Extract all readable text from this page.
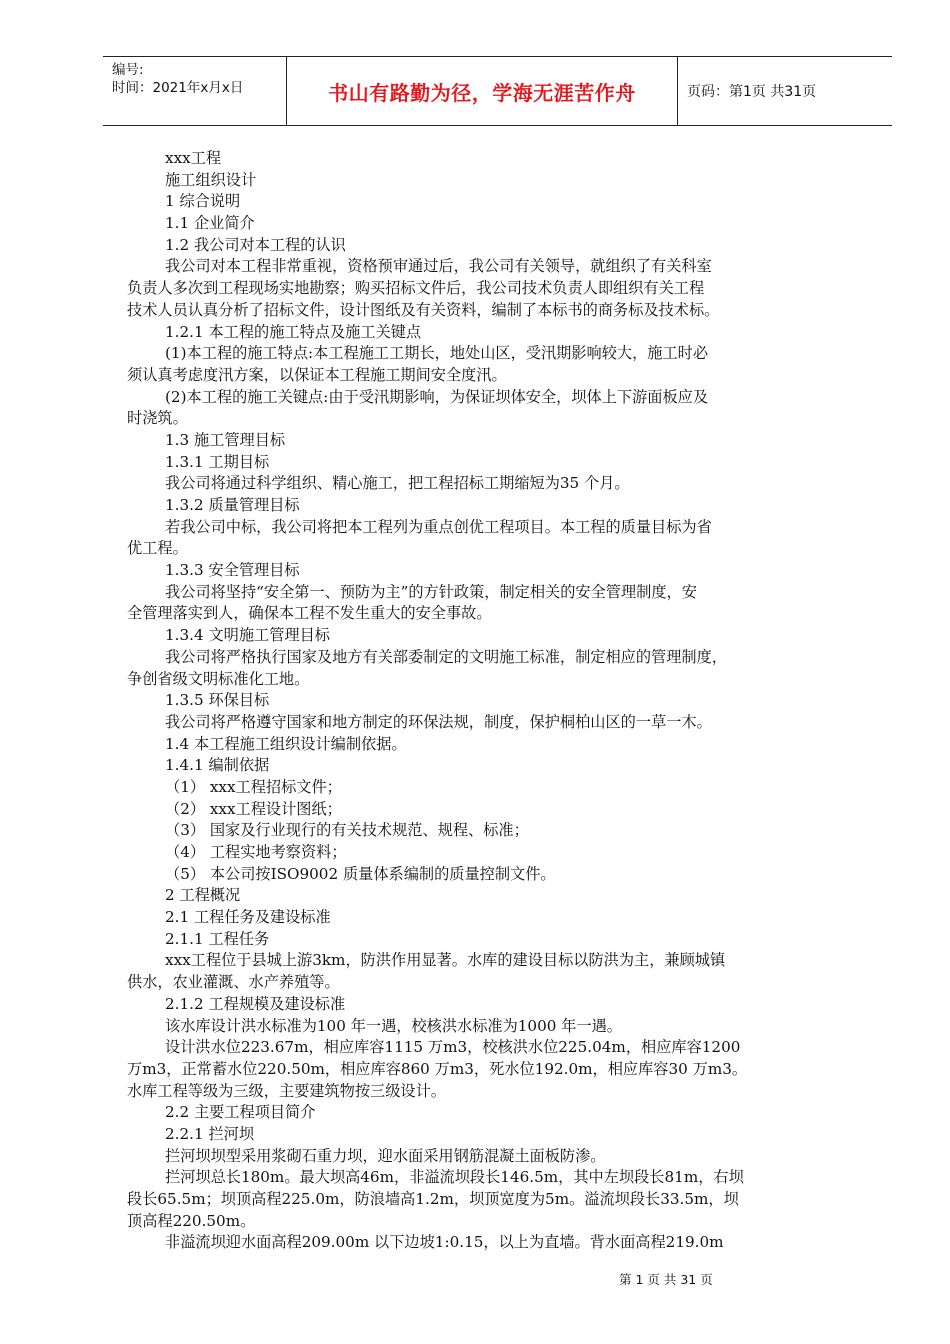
编号:
时间：2021年x月x日	书山有路勤为径，学海无涯苦作舟	页码：第1页 共31页
xxx工程
施工组织设计
1 综合说明
1.1 企业简介
1.2 我公司对本工程的认识
我公司对本工程非常重视，资格预审通过后，我公司有关领导，就组织了有关科室
负责人多次到工程现场实地勘察；购买招标文件后，我公司技术负责人即组织有关工程
技术人员认真分析了招标文件，设计图纸及有关资料，编制了本标书的商务标及技术标。
1.2.1 本工程的施工特点及施工关键点
(1)本工程的施工特点:本工程施工工期长，地处山区，受汛期影响较大，施工时必
须认真考虑度汛方案，以保证本工程施工期间安全度汛。
(2)本工程的施工关键点:由于受汛期影响，为保证坝体安全，坝体上下游面板应及
时浇筑。
1.3 施工管理目标
1.3.1 工期目标
我公司将通过科学组织、精心施工，把工程招标工期缩短为35 个月。
1.3.2 质量管理目标
若我公司中标，我公司将把本工程列为重点创优工程项目。本工程的质量目标为省
优工程。
1.3.3 安全管理目标
我公司将坚持“安全第一、预防为主”的方针政策，制定相关的安全管理制度，安
全管理落实到人，确保本工程不发生重大的安全事故。
1.3.4 文明施工管理目标
我公司将严格执行国家及地方有关部委制定的文明施工标准，制定相应的管理制度，
争创省级文明标准化工地。
1.3.5 环保目标
我公司将严格遵守国家和地方制定的环保法规，制度，保护桐柏山区的一草一木。
1.4 本工程施工组织设计编制依据。
1.4.1 编制依据
（1） xxx工程招标文件；
（2） xxx工程设计图纸；
（3） 国家及行业现行的有关技术规范、规程、标准；
（4） 工程实地考察资料；
（5） 本公司按ISO9002 质量体系编制的质量控制文件。
2 工程概况
2.1 工程任务及建设标准
2.1.1 工程任务
xxx工程位于县城上游3km，防洪作用显著。水库的建设目标以防洪为主，兼顾城镇
供水，农业灌溉、水产养殖等。
2.1.2 工程规模及建设标准
该水库设计洪水标准为100 年一遇，校核洪水标准为1000 年一遇。
设计洪水位223.67m，相应库容1115 万m3，校核洪水位225.04m，相应库容1200
万m3，正常蓄水位220.50m，相应库容860 万m3，死水位192.0m，相应库容30 万m3。
水库工程等级为三级，主要建筑物按三级设计。
2.2 主要工程项目简介
2.2.1 拦河坝
拦河坝坝型采用浆砌石重力坝，迎水面采用钢筋混凝土面板防渗。
拦河坝总长180m。最大坝高46m，非溢流坝段长146.5m，其中左坝段长81m，右坝
段长65.5m；坝顶高程225.0m，防浪墙高1.2m，坝顶宽度为5m。溢流坝段长33.5m，坝
顶高程220.50m。
非溢流坝迎水面高程209.00m 以下边坡1:0.15，以上为直墙。背水面高程219.0m
第 1 页 共 31 页
